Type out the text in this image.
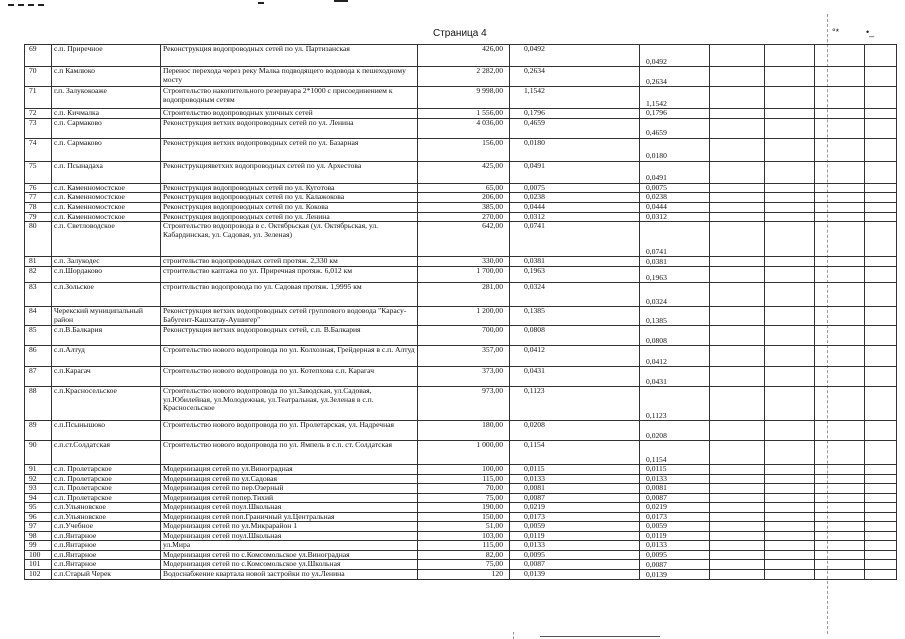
Страница 4	°*	•_
69	с.п. Приречное	Реконструкция водопроводных сетей по ул. Партизанская	426,00	0,0492	0,0492				
70	с.п Камлюко	Перенос перехода через реку Малка подводящего водовода к пешеходному мосту	2 282,00	0,2634	0,2634				
71	г.п. Залукокоаже	Строительство накопительного резервуара 2*1000 с присоединением к водопроводным сетям	9 998,00	1,1542	1,1542				
72	с.п. Кичмалка	Строительство водопроводных уличных сетей	1 556,00	0,1796	0,1796				
73	с.п. Сармаково	Реконструкция ветхих водопроводных сетей по ул. Ленина	4 036,00	0,4659	0,4659				
74	с.п. Сармаково	Реконструкция ветхих водопроводных сетей по ул. Базарная	156,00	0,0180	0,0180				
75	с.п. Псынадаха	Реконструкцияветхих водопроводных сетей по ул. Архестова	425,00	0,0491	0,0491				
76	с.п. Каменномостское	Реконструкция водопроводных сетей по ул. Куготова	65,00	0,0075	0,0075				
77	с.п. Каменномостское	Реконструкция водопроводных сетей по ул. Калажокова	206,00	0,0238	0,0238				
78	с.п. Каменномостское	Реконструкция водопроводных сетей по ул. Кокова	385,00	0,0444	0,0444				
79	с.п. Каменномостское	Реконструкция водопроводных сетей по ул. Ленина	270,00	0,0312	0,0312				
80	с.п. Светловодское	Строительство водопровода в с. Октябрьская (ул. Октябрьская, ул. Кабардинская, ул. Садовая, ул. Зеленая)	642,00	0,0741	0,0741				
81	с.п. Залукодес	строительство водопроводных сетей протяж. 2,330 км	330,00	0,0381	0,0381				
82	с.п.Шордаково	строительство каптажа по ул. Приречная протяж. 6,012 км	1 700,00	0,1963	0,1963				
83	с.п.Зольское	строительство водопровода по ул. Садовая протяж. 1,9995 км	281,00	0,0324	0,0324				
84	Черекский муниципальный район	Реконструкция ветхих водопроводных сетей группового водовода "Карасу-Бабугент-Кашхатау-Аушигер"	1 200,00	0,1385	0,1385				
85	с.п.В.Балкария	Реконструкция ветхих водопроводных сетей, с.п. В.Балкария	700,00	0,0808	0,0808				
86	с.п.Алтуд	Строительство нового водопровода по ул. Колхозная, Грейдерная в с.п. Алтуд	357,00	0,0412	0,0412				
87	с.п.Карагач	Строительство нового водопровода по ул. Котепхова с.п. Карагач	373,00	0,0431	0,0431				
88	с.п.Красносельское	Строительство нового водопровода по ул.Заводская, ул.Садовая, ул.Юбилейная, ул.Молодежная, ул.Театральная, ул.Зеленая в с.п. Красносельское	973,00	0,1123	0,1123				
89	с.п.Псынышоко	Строительство нового водопровода по ул. Пролетарская, ул. Надречная	180,00	0,0208	0,0208				
90	с.п.ст.Солдатская	Строительство нового водопровода по ул. Ямпель в с.п. ст. Солдатская	1 000,00	0,1154	0,1154				
91	с.п. Пролетарское	Модернизация сетей по ул.Виноградная	100,00	0,0115	0,0115				
92	с.п. Пролетарское	Модернизация сетей по ул.Садовая	115,00	0,0133	0,0133				
93	с.п. Пролетарское	Модернизация сетей по пер.Озерный	70,00	0,0081	0,0081				
94	с.п. Пролетарское	Модернизация сетей попер.Тихий	75,00	0,0087	0,0087				
95	с.п.Ульяновское	Модернизация сетей поул.Школьная	190,00	0,0219	0,0219				
96	с.п.Ульяновское	Модернизация сетей поп.Граничный ул.Центральная	150,00	0,0173	0,0173				
97	с.п.Учебное	Модернизация сетей по ул.Микрарайон 1	51,00	0,0059	0,0059				
98	с.п.Янтарное	Модернизация сетей поул.Школьная	103,00	0,0119	0,0119				
99	с.п.Янтарное	ул.Мира	115,00	0,0133	0,0133				
100	с.п.Янтарное	Модернизация сетей по с.Комсомольское ул.Виноградная	82,00	0,0095	0,0095				
101	с.п.Янтарное	Модернизация сетей по с.Комсомольское ул.Школьная	75,00	0,0087	0,0087				
102	с.п.Старый Черек	Водоснабжение квартала новой застройки по ул.Ленина	120	0,0139	0,0139				
